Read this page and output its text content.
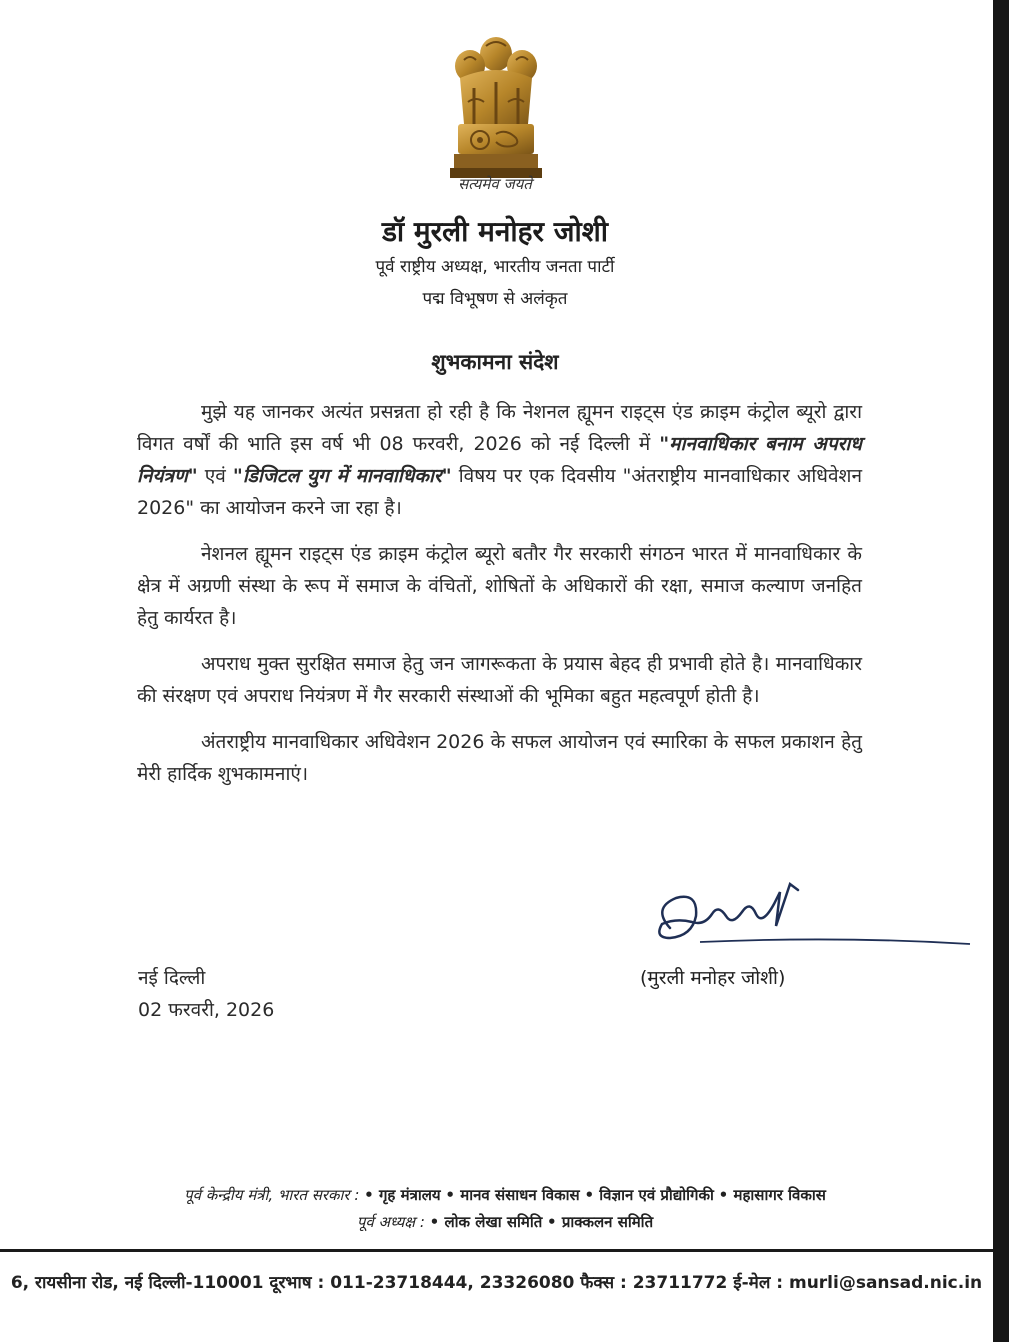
सत्यमेव जयते
डॉ मुरली मनोहर जोशी
पूर्व राष्ट्रीय अध्यक्ष, भारतीय जनता पार्टी
पद्म विभूषण से अलंकृत
शुभकामना संदेश

मुझे यह जानकर अत्यंत प्रसन्नता हो रही है कि नेशनल ह्यूमन राइट्स एंड क्राइम कंट्रोल ब्यूरो द्वारा विगत वर्षों की भाति इस वर्ष भी 08 फरवरी, 2026 को नई दिल्ली में "मानवाधिकार बनाम अपराध नियंत्रण" एवं "डिजिटल युग में मानवाधिकार" विषय पर एक दिवसीय "अंतराष्ट्रीय मानवाधिकार अधिवेशन 2026" का आयोजन करने जा रहा है।

नेशनल ह्यूमन राइट्स एंड क्राइम कंट्रोल ब्यूरो बतौर गैर सरकारी संगठन भारत में मानवाधिकार के क्षेत्र में अग्रणी संस्था के रूप में समाज के वंचितों, शोषितों के अधिकारों की रक्षा, समाज कल्याण जनहित हेतु कार्यरत है।

अपराध मुक्त सुरक्षित समाज हेतु जन जागरूकता के प्रयास बेहद ही प्रभावी होते है। मानवाधिकार की संरक्षण एवं अपराध नियंत्रण में गैर सरकारी संस्थाओं की भूमिका बहुत महत्वपूर्ण होती है।

अंतराष्ट्रीय मानवाधिकार अधिवेशन 2026 के सफल आयोजन एवं स्मारिका के सफल प्रकाशन हेतु मेरी हार्दिक शुभकामनाएं।

(मुरली मनोहर जोशी)
नई दिल्ली
02 फरवरी, 2026
पूर्व केन्द्रीय मंत्री, भारत सरकार : • गृह मंत्रालय • मानव संसाधन विकास • विज्ञान एवं प्रौद्योगिकी • महासागर विकास
पूर्व अध्यक्ष : • लोक लेखा समिति • प्राक्कलन समिति
6, रायसीना रोड, नई दिल्ली-110001 दूरभाष : 011-23718444, 23326080 फैक्स : 23711772 ई-मेल : murli@sansad.nic.in
